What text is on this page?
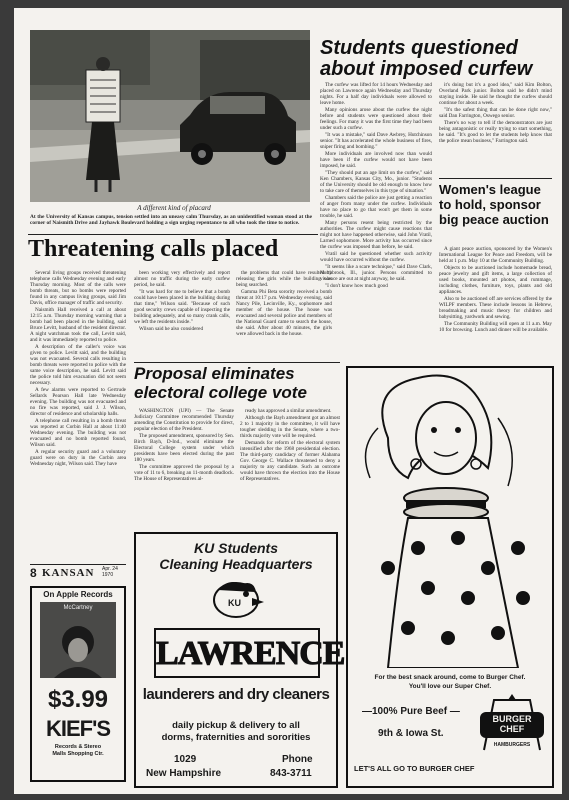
A different kind of placard
At the University of Kansas campus, tension settled into an uneasy calm Thursday, as an unidentified woman stood at the corner of Naismith Drive and Jayhawk Boulevard holding a sign urging repentance to all who took the time to notice.
Students questioned about imposed curfew

The curfew was lifted for 14 hours Wednesday and placed on Lawrence again Wednesday and Thursday nights. For a half day individuals were allowed to leave home.

Many opinions arose about the curfew the night before and students were questioned about their feelings. For many it was the first time they had been under such a curfew.

"It was a mistake," said Dave Awbrey, Hutchinson senior. "It has accelerated the whole business of fires, sniper firing and bombing."

More individuals are involved now than would have been if the curfew would not have been imposed, he said.

"They should put an age limit on the curfew," said Ken Chambers, Kansas City, Mo., junior. "Students of the University should be old enough to know how to take care of themselves in this type of situation."

Chambers said the police are just getting a reaction of anger from many under the curfew. Individuals have no place to go that won't get them in some trouble, he said.

Many persons resent being restricted by the authorities. The curfew might cause reactions that might not have happened otherwise, said John Vratil, Larned sophomore. More activity has occurred since the curfew was imposed than before, he said.

Vratil said he questioned whether such activity would have occurred without the curfew.

"It seems like a scare technique," said Dave Clark, Northbrook, Ill., junior. Persons committed to violence are out at night anyway, he said.

"I don't know how much good

it's doing but it's a good idea," said Kim Bolton, Overland Park junior. Bolton said he didn't mind staying inside. He said he thought the curfew should continue for about a week.

"It's the safest thing that can be done right now," said Dan Farrington, Oswego senior.

There's no way to tell if the demonstrators are just being antagonistic or really trying to start something, he said. "It's good to let the students help know that the police mean business," Farrington said.

Women's league to hold, sponsor big peace auction

A giant peace auction, sponsored by the Women's International League for Peace and Freedom, will be held at 1 p.m. May 10 at the Community Building.

Objects to be auctioned include homemade bread, peace jewelry and gift items, a large collection of used books, mounted art photos, and rummage, including clothes, furniture, toys, plants and old appliances.

Also to be auctioned off are services offered by the WILPF members. These include lessons in Hebrew, breadmaking and music theory for children and babysitting, yardwork and sewing.

The Community Building will open at 11 a.m. May 10 for browsing. Lunch and dinner will be available.

Threatening calls placed

Several living groups received threatening telephone calls Wednesday evening and early Thursday morning. Most of the calls were bomb threats, but no bombs were reported found in any campus living groups, said Jim Davis, office manager of traffic and security.

Naismith Hall received a call at about 12:15 a.m. Thursday morning warning that a bomb had been placed in the building, said Bruce Levitt, husband of the resident director. A night watchman took the call, Levitt said, and it was immediately reported to police.

A description of the caller's voice was given to police. Levitt said, and the building was not evacuated. Several calls resulting in bomb threats were reported to police with the same voice description, he said. Levitt said the police told him evacuation did not seem necessary.

A few alarms were reported to Gertrude Sellards Pearson Hall late Wednesday evening. The building was not evacuated and no fire was reported, said J. J. Wilson, director of residence and scholarship halls.

A telephone call resulting in a bomb threat was reported at Corbin Hall at about 11:40 Wednesday evening. The building was not evacuated and no bomb reported found, Wilson said.

A regular security guard and a voluntary guard were on duty in the Corbin area Wednesday night, Wilson said. They have

been working very effectively and report almost no traffic during the early curfew period, he said.

"It was hard for me to believe that a bomb could have been placed in the building during that time," Wilson said. "Because of such good security crews capable of inspecting the building adequately, and so many crank calls, we left the residents inside."

Wilson said he also considered

the problems that could have resulted by releasing the girls while the building was being searched.

Gamma Phi Beta sorority received a bomb threat at 10:17 p.m. Wednesday evening, said Nancy Pile, Lecinville, Ky., sophomore and member of the house. The house was evacuated and several police and members of the National Guard came to search the house, she said. After about 40 minutes, the girls were allowed back in the house.

Proposal eliminates electoral college vote

WASHINGTON (UPI) — The Senate Judiciary Committee recommended Thursday amending the Constitution to provide for direct, popular election of the President.

The proposed amendment, sponsored by Sen. Birch Bayh, D-Ind., would eliminate the Electoral College system under which presidents have been elected during the past 180 years.

The committee approved the proposal by a vote of 11 to 6, breaking an 11-month deadlock. The House of Representatives al-

ready has approved a similar amendment.

Although the Bayh amendment got an almost 2 to 1 majority in the committee, it will have tougher sledding in the Senate, where a two-thirds majority vote will be required.

Demands for reform of the electoral system intensified after the 1968 presidential election. The third-party candidacy of former Alabama Gov. George C. Wallace threatened to deny a majority to any candidate. Such an outcome would have thrown the election into the House of Representatives.

8 KANSAN Apr. 24 1970
On Apple Records
McCartney
$3.99
KIEF'S
Records & Stereo
Malls Shopping Ctr.
KU Students
Cleaning Headquarters
KU
LAWRENCE
launderers and dry cleaners
daily pickup & delivery to all
dorms, fraternities and sororities
1029
New Hampshire
Phone
843-3711
For the best snack around, come to Burger Chef.
You'll love our Super Chef.
—100% Pure Beef —
9th & Iowa St.
LET'S ALL GO TO BURGER CHEF
BURGER
CHEF
HAMBURGERS
